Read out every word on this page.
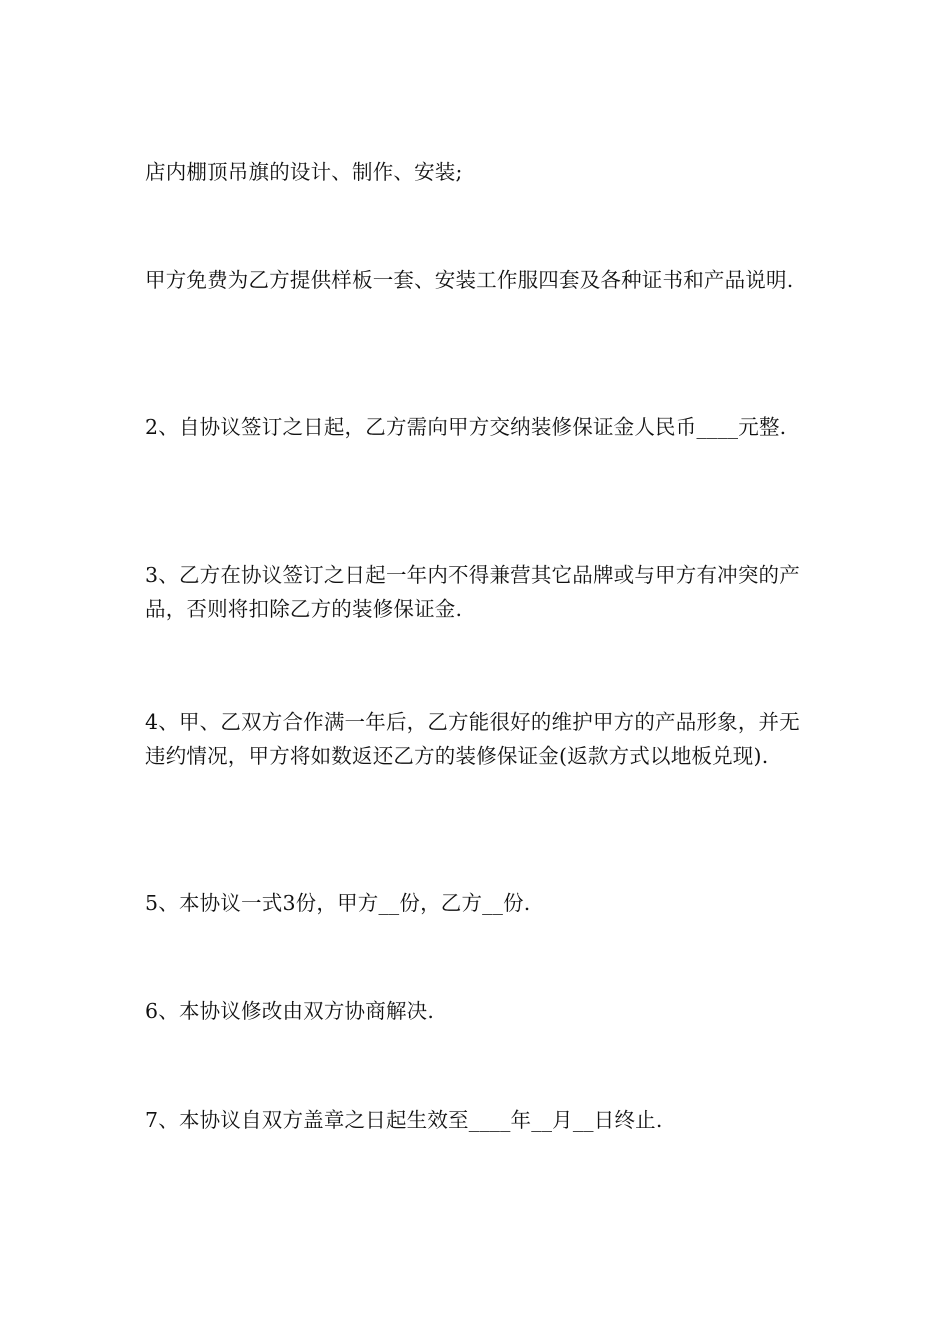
店内棚顶吊旗的设计、制作、安装;

甲方免费为乙方提供样板一套、安装工作服四套及各种证书和产品说明.

2、自协议签订之日起，乙方需向甲方交纳装修保证金人民币____元整.

3、乙方在协议签订之日起一年内不得兼营其它品牌或与甲方有冲突的产品，否则将扣除乙方的装修保证金.

4、甲、乙双方合作满一年后，乙方能很好的维护甲方的产品形象，并无违约情况，甲方将如数返还乙方的装修保证金(返款方式以地板兑现).

5、本协议一式3份，甲方__份，乙方__份.

6、本协议修改由双方协商解决.

7、本协议自双方盖章之日起生效至____年__月__日终止.
